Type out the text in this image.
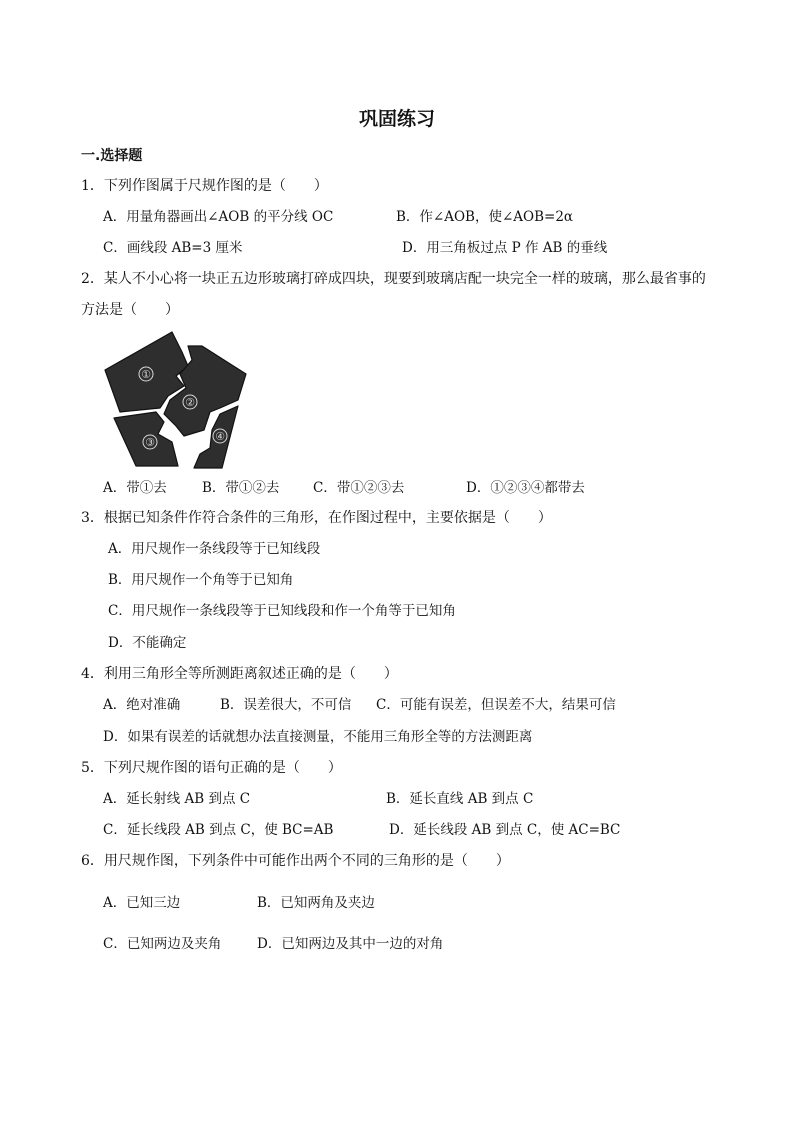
巩固练习
一.选择题
1．下列作图属于尺规作图的是（　　）
A．用量角器画出∠AOB 的平分线 OC	B．作∠AOB，使∠AOB=2α
C．画线段 AB=3 厘米	D．用三角板过点 P 作 AB 的垂线
2．某人不小心将一块正五边形玻璃打碎成四块，现要到玻璃店配一块完全一样的玻璃，那么最省事的
方法是（　　）
①
②
③	④
A．带①去	B．带①②去 C．带①②③去	D．①②③④都带去
3．根据已知条件作符合条件的三角形，在作图过程中，主要依据是（　　）
A．用尺规作一条线段等于已知线段
B．用尺规作一个角等于已知角
C．用尺规作一条线段等于已知线段和作一个角等于已知角
D．不能确定
4．利用三角形全等所测距离叙述正确的是（　　）
A．绝对准确	B．误差很大，不可信 C．可能有误差，但误差不大，结果可信
D．如果有误差的话就想办法直接测量，不能用三角形全等的方法测距离
5．下列尺规作图的语句正确的是（　　）
A．延长射线 AB 到点 C	B．延长直线 AB 到点 C
C．延长线段 AB 到点 C，使 BC=AB	D．延长线段 AB 到点 C，使 AC=BC
6．用尺规作图，下列条件中可能作出两个不同的三角形的是（　　）
A．已知三边	B．已知两角及夹边
C．已知两边及夹角	D．已知两边及其中一边的对角
